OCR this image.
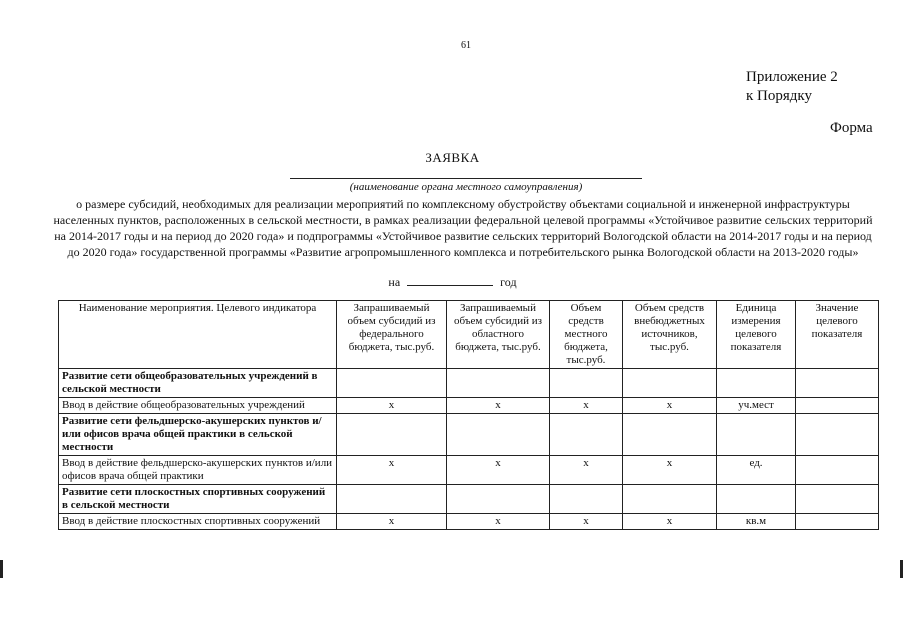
61
Приложение 2
к Порядку
Форма
ЗАЯВКА
(наименование органа местного самоуправления)
о размере субсидий, необходимых для реализации мероприятий по комплексному обустройству объектами социальной и инженерной инфраструктуры населенных пунктов, расположенных в сельской местности, в рамках реализации федеральной целевой программы «Устойчивое развитие сельских территорий на 2014-2017 годы и на период до 2020 года» и подпрограммы «Устойчивое развитие сельских территорий Вологодской области на 2014-2017 годы и на период до 2020 года» государственной программы «Развитие агропромышленного комплекса и потребительского рынка Вологодской области на 2013-2020 годы»
на	год
Наименование мероприятия. Целевого индикатора	Запрашиваемый объем субсидий из федерального бюджета, тыс.руб.	Запрашиваемый объем субсидий из областного бюджета, тыс.руб.	Объем средств местного бюджета, тыс.руб.	Объем средств внебюджетных источников, тыс.руб.	Единица измерения целевого показателя	Значение целевого показателя
Развитие сети общеобразовательных учреждений в сельской местности						
Ввод в действие общеобразовательных учреждений	x	x	x	x	уч.мест	
Развитие сети фельдшерско-акушерских пунктов и/или офисов врача общей практики в сельской местности						
Ввод в действие фельдшерско-акушерских пунктов и/или офисов врача общей практики	x	x	x	x	ед.	
Развитие сети плоскостных спортивных сооружений в сельской местности						
Ввод в действие плоскостных спортивных сооружений	x	x	x	x	кв.м	
